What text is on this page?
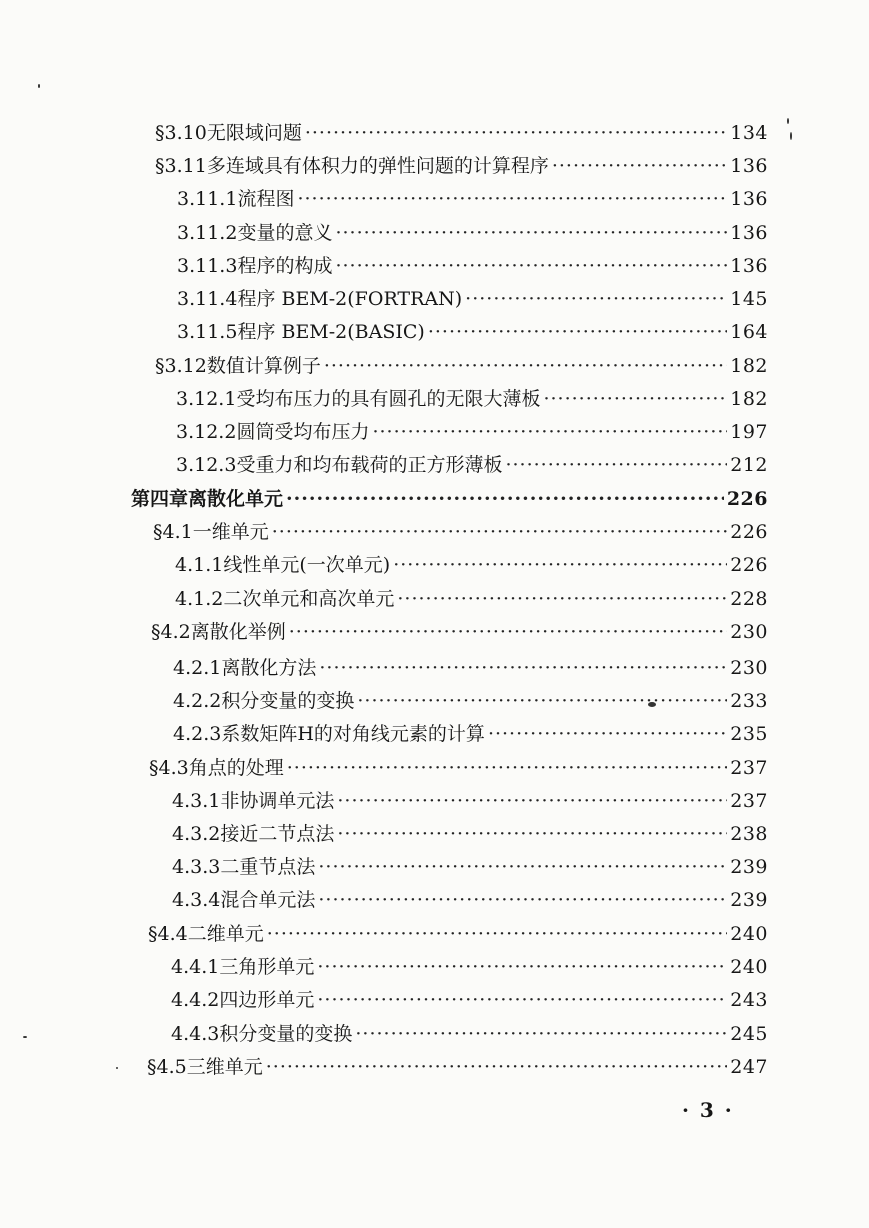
§3.10 无限域问题 ·····	134
§3.11 多连域具有体积力的弹性问题的计算程序 ·····	136
3.11.1 流程图 ·····	136
3.11.2 变量的意义 ·····	136
3.11.3 程序的构成 ·····	136
3.11.4 程序 BEM-2(FORTRAN) ·····	145
3.11.5 程序 BEM-2(BASIC) ·····	164
§3.12 数值计算例子 ·····	182
3.12.1 受均布压力的具有圆孔的无限大薄板 ·····	182
3.12.2 圆筒受均布压力 ·····	197
3.12.3 受重力和均布载荷的正方形薄板 ·····	212
第四章 离散化单元 ·····	226
§4.1 一维单元 ·····	226
4.1.1 线性单元(一次单元) ·····	226
4.1.2 二次单元和高次单元 ·····	228
§4.2 离散化举例 ·····	230
4.2.1 离散化方法 ·····	230
4.2.2 积分变量的变换 ·····	233
4.2.3 系数矩阵H的对角线元素的计算 ·····	235
§4.3 角点的处理 ·····	237
4.3.1 非协调单元法 ·····	237
4.3.2 接近二节点法 ·····	238
4.3.3 二重节点法 ·····	239
4.3.4 混合单元法 ·····	239
§4.4 二维单元 ·····	240
4.4.1 三角形单元 ·····	240
4.4.2 四边形单元 ·····	243
4.4.3 积分变量的变换 ·····	245
§4.5 三维单元 ·····	247
· 3 ·
